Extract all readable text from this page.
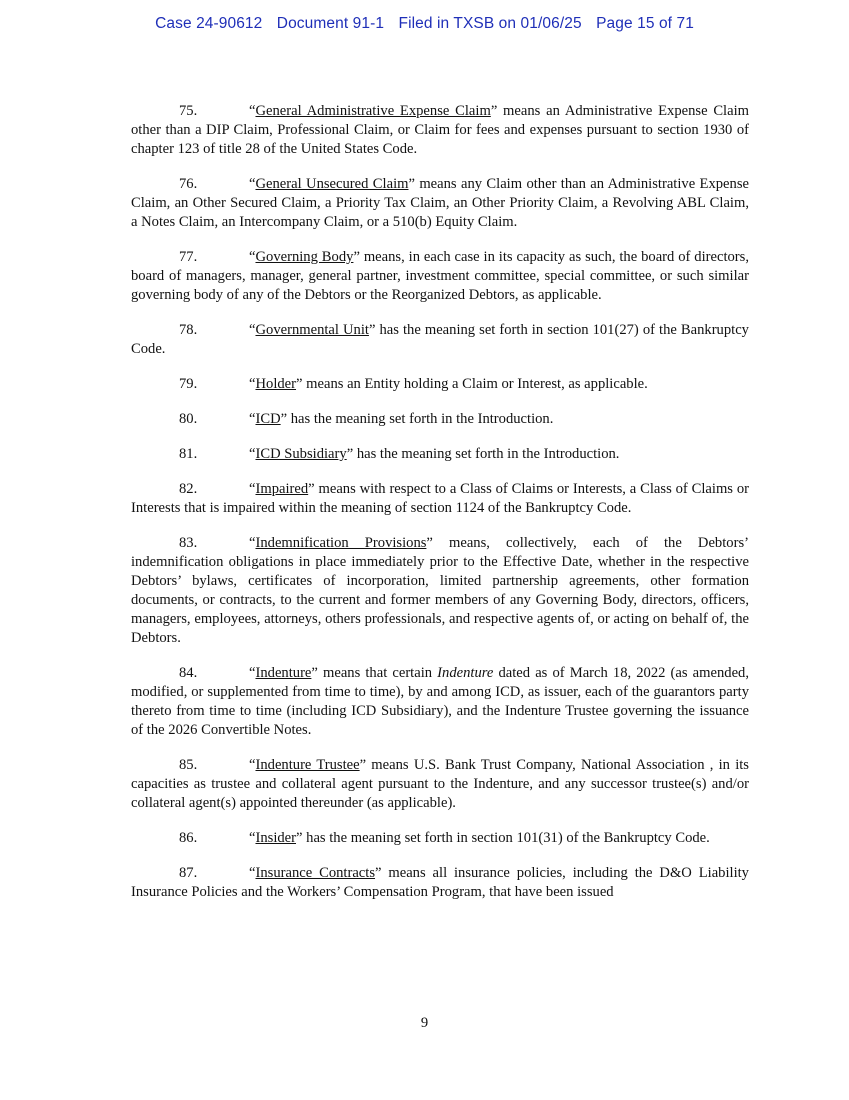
Case 24-90612 Document 91-1 Filed in TXSB on 01/06/25 Page 15 of 71

75.	“General Administrative Expense Claim” means an Administrative Expense Claim other than a DIP Claim, Professional Claim, or Claim for fees and expenses pursuant to section 1930 of chapter 123 of title 28 of the United States Code.

76.	“General Unsecured Claim” means any Claim other than an Administrative Expense Claim, an Other Secured Claim, a Priority Tax Claim, an Other Priority Claim, a Revolving ABL Claim, a Notes Claim, an Intercompany Claim, or a 510(b) Equity Claim.

77.	“Governing Body” means, in each case in its capacity as such, the board of directors, board of managers, manager, general partner, investment committee, special committee, or such similar governing body of any of the Debtors or the Reorganized Debtors, as applicable.

78.	“Governmental Unit” has the meaning set forth in section 101(27) of the Bankruptcy Code.

79.	“Holder” means an Entity holding a Claim or Interest, as applicable.

80.	“ICD” has the meaning set forth in the Introduction.

81.	“ICD Subsidiary” has the meaning set forth in the Introduction.

82.	“Impaired” means with respect to a Class of Claims or Interests, a Class of Claims or Interests that is impaired within the meaning of section 1124 of the Bankruptcy Code.

83.	“Indemnification Provisions” means, collectively, each of the Debtors’ indemnification obligations in place immediately prior to the Effective Date, whether in the respective Debtors’ bylaws, certificates of incorporation, limited partnership agreements, other formation documents, or contracts, to the current and former members of any Governing Body, directors, officers, managers, employees, attorneys, others professionals, and respective agents of, or acting on behalf of, the Debtors.

84.	“Indenture” means that certain Indenture dated as of March 18, 2022 (as amended, modified, or supplemented from time to time), by and among ICD, as issuer, each of the guarantors party thereto from time to time (including ICD Subsidiary), and the Indenture Trustee governing the issuance of the 2026 Convertible Notes.

85.	“Indenture Trustee” means U.S. Bank Trust Company, National Association , in its capacities as trustee and collateral agent pursuant to the Indenture, and any successor trustee(s) and/or collateral agent(s) appointed thereunder (as applicable).

86.	“Insider” has the meaning set forth in section 101(31) of the Bankruptcy Code.

87.	“Insurance Contracts” means all insurance policies, including the D&O Liability Insurance Policies and the Workers’ Compensation Program, that have been issued

9
